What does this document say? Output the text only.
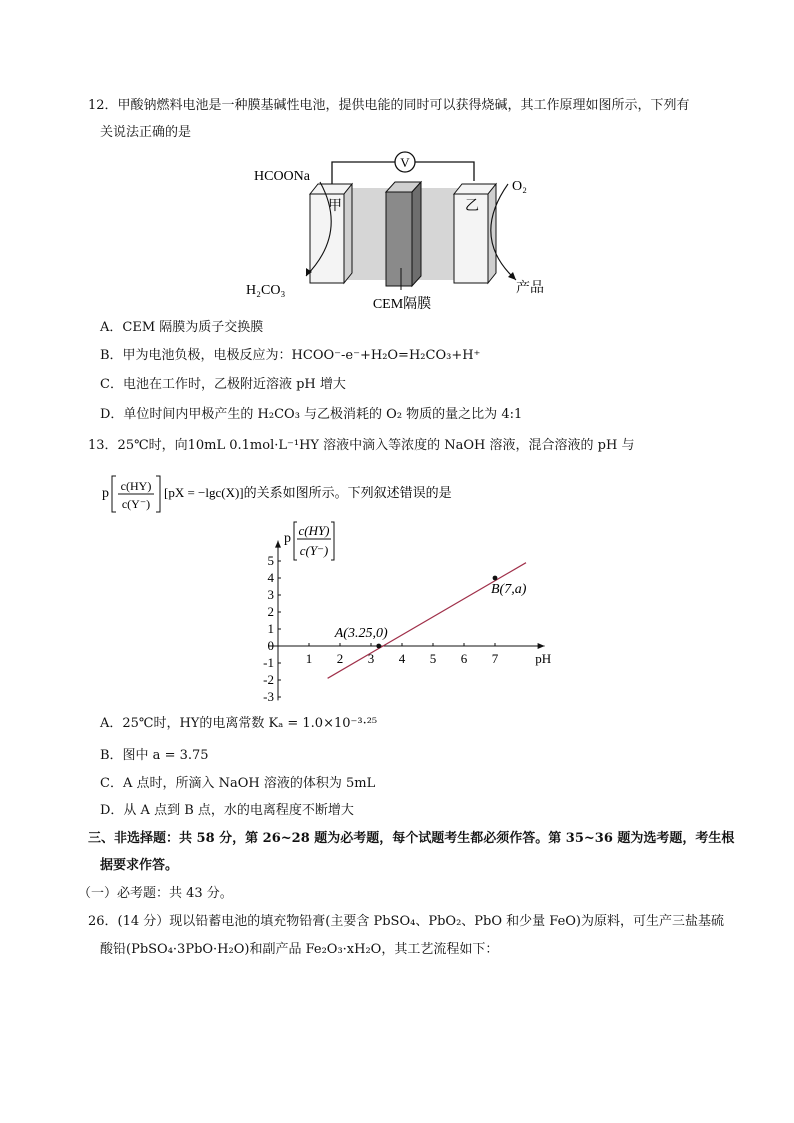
12．甲酸钠燃料电池是一种膜基碱性电池，提供电能的同时可以获得烧碱，其工作原理如图所示，下列有
关说法正确的是
V
甲	乙
HCOONa
H₂CO₃
O₂
产品
CEM隔膜
A．CEM 隔膜为质子交换膜
B．甲为电池负极，电极反应为：HCOO⁻-e⁻+H₂O=H₂CO₃+H⁺
C．电池在工作时，乙极附近溶液 pH 增大
D．单位时间内甲极产生的 H₂CO₃ 与乙极消耗的 O₂ 物质的量之比为 4:1
13．25℃时，向10mL 0.1mol·L⁻¹HY 溶液中滴入等浓度的 NaOH 溶液，混合溶液的 pH 与
p c(HY)
c(Y⁻)
[pX = −lgc(X)]的关系如图所示。下列叙述错误的是
1 2 3 4 5 6 7
5
4
3
2
1
0
-1
-2
-3
pH
p
c(HY)
c(Y⁻)
A(3.25,0)
B(7,a)
A．25℃时，HY的电离常数 Kₐ = 1.0×10⁻³·²⁵
B．图中 a = 3.75
C．A 点时，所滴入 NaOH 溶液的体积为 5mL
D．从 A 点到 B 点，水的电离程度不断增大
三、非选择题：共 58 分，第 26~28 题为必考题，每个试题考生都必须作答。第 35~36 题为选考题，考生根
据要求作答。
（一）必考题：共 43 分。
26．(14 分）现以铅蓄电池的填充物铅膏(主要含 PbSO₄、PbO₂、PbO 和少量 FeO)为原料，可生产三盐基硫
酸铅(PbSO₄·3PbO·H₂O)和副产品 Fe₂O₃·xH₂O，其工艺流程如下：
